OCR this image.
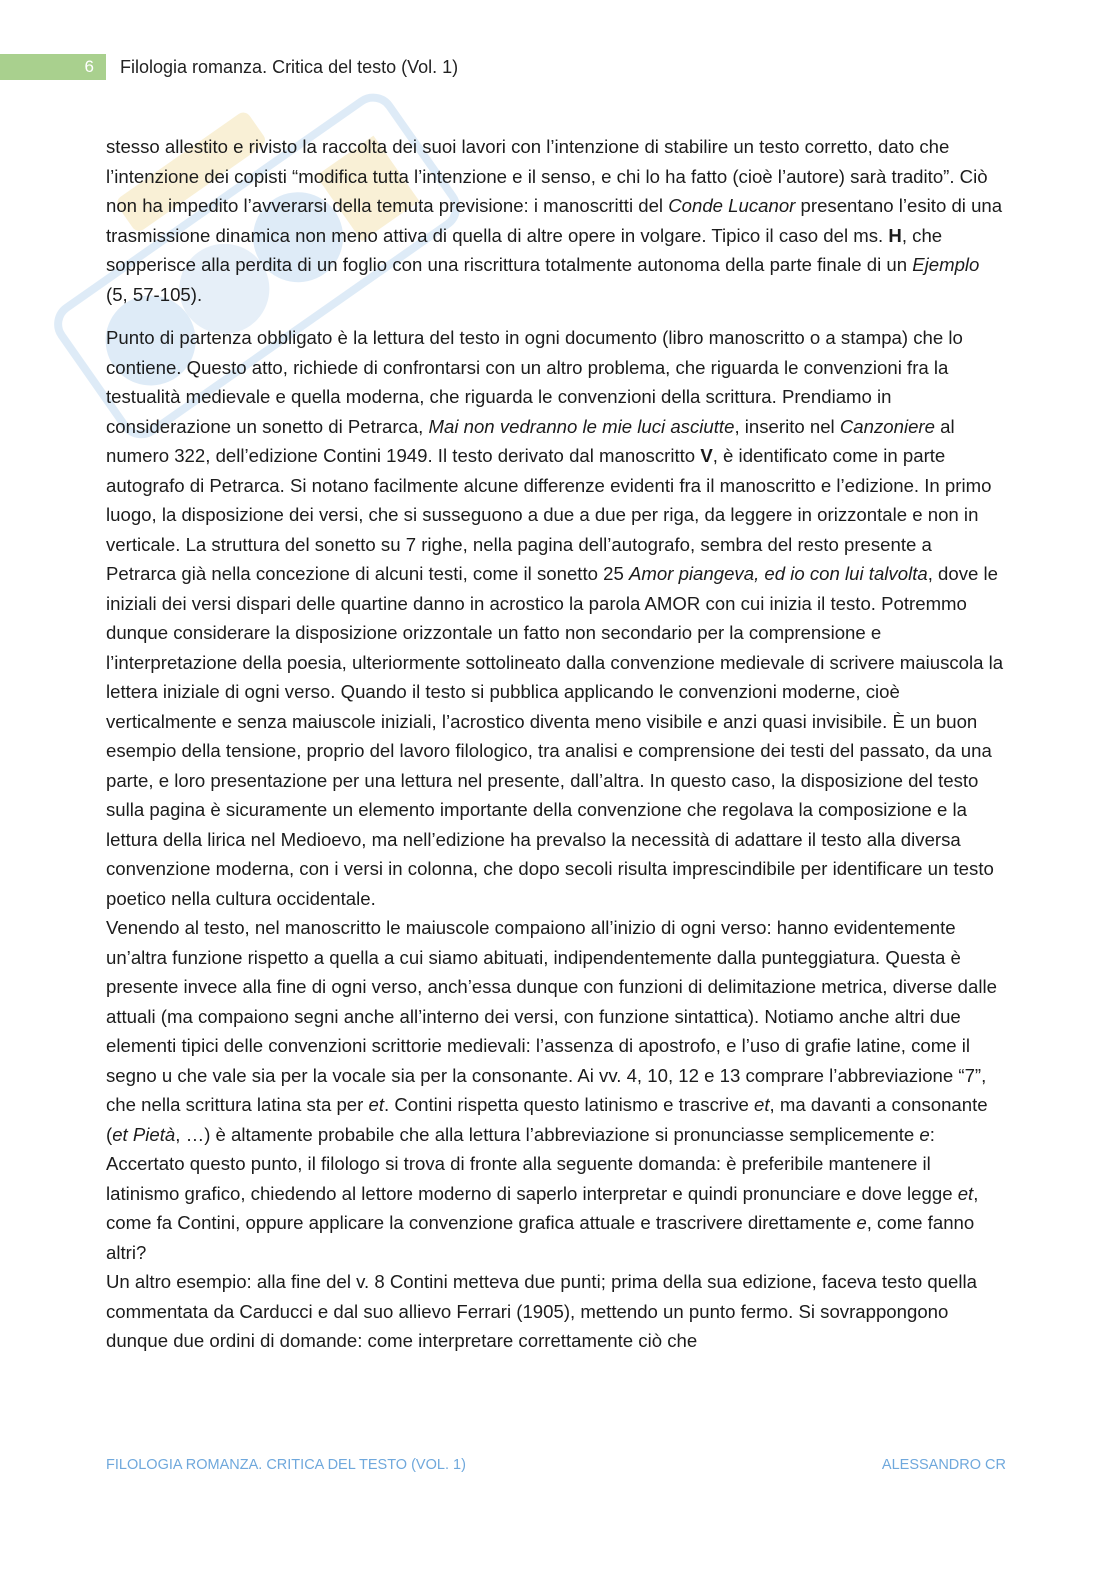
6	Filologia romanza. Critica del testo (Vol. 1)

stesso allestito e rivisto la raccolta dei suoi lavori con l’intenzione di stabilire un testo corretto, dato che l’intenzione dei copisti “modifica tutta l’intenzione e il senso, e chi lo ha fatto (cioè l’autore) sarà tradito”. Ciò non ha impedito l’avverarsi della temuta previsione: i manoscritti del Conde Lucanor presentano l’esito di una trasmissione dinamica non meno attiva di quella di altre opere in volgare. Tipico il caso del ms. H, che sopperisce alla perdita di un foglio con una riscrittura totalmente autonoma della parte finale di un Ejemplo (5, 57-105).

Punto di partenza obbligato è la lettura del testo in ogni documento (libro manoscritto o a stampa) che lo contiene. Questo atto, richiede di confrontarsi con un altro problema, che riguarda le convenzioni fra la testualità medievale e quella moderna, che riguarda le convenzioni della scrittura. Prendiamo in considerazione un sonetto di Petrarca, Mai non vedranno le mie luci asciutte, inserito nel Canzoniere al numero 322, dell’edizione Contini 1949. Il testo derivato dal manoscritto V, è identificato come in parte autografo di Petrarca. Si notano facilmente alcune differenze evidenti fra il manoscritto e l’edizione. In primo luogo, la disposizione dei versi, che si susseguono a due a due per riga, da leggere in orizzontale e non in verticale. La struttura del sonetto su 7 righe, nella pagina dell’autografo, sembra del resto presente a Petrarca già nella concezione di alcuni testi, come il sonetto 25 Amor piangeva, ed io con lui talvolta, dove le iniziali dei versi dispari delle quartine danno in acrostico la parola AMOR con cui inizia il testo. Potremmo dunque considerare la disposizione orizzontale un fatto non secondario per la comprensione e l’interpretazione della poesia, ulteriormente sottolineato dalla convenzione medievale di scrivere maiuscola la lettera iniziale di ogni verso. Quando il testo si pubblica applicando le convenzioni moderne, cioè verticalmente e senza maiuscole iniziali, l’acrostico diventa meno visibile e anzi quasi invisibile. È un buon esempio della tensione, proprio del lavoro filologico, tra analisi e comprensione dei testi del passato, da una parte, e loro presentazione per una lettura nel presente, dall’altra. In questo caso, la disposizione del testo sulla pagina è sicuramente un elemento importante della convenzione che regolava la composizione e la lettura della lirica nel Medioevo, ma nell’edizione ha prevalso la necessità di adattare il testo alla diversa convenzione moderna, con i versi in colonna, che dopo secoli risulta imprescindibile per identificare un testo poetico nella cultura occidentale.

Venendo al testo, nel manoscritto le maiuscole compaiono all’inizio di ogni verso: hanno evidentemente un’altra funzione rispetto a quella a cui siamo abituati, indipendentemente dalla punteggiatura. Questa è presente invece alla fine di ogni verso, anch’essa dunque con funzioni di delimitazione metrica, diverse dalle attuali (ma compaiono segni anche all’interno dei versi, con funzione sintattica). Notiamo anche altri due elementi tipici delle convenzioni scrittorie medievali: l’assenza di apostrofo, e l’uso di grafie latine, come il segno u che vale sia per la vocale sia per la consonante. Ai vv. 4, 10, 12 e 13 comprare l’abbreviazione “7”, che nella scrittura latina sta per et. Contini rispetta questo latinismo e trascrive et, ma davanti a consonante (et Pietà, …) è altamente probabile che alla lettura l’abbreviazione si pronunciasse semplicemente e: Accertato questo punto, il filologo si trova di fronte alla seguente domanda: è preferibile mantenere il latinismo grafico, chiedendo al lettore moderno di saperlo interpretar e quindi pronunciare e dove legge et, come fa Contini, oppure applicare la convenzione grafica attuale e trascrivere direttamente e, come fanno altri?

Un altro esempio: alla fine del v. 8 Contini metteva due punti; prima della sua edizione, faceva testo quella commentata da Carducci e dal suo allievo Ferrari (1905), mettendo un punto fermo. Si sovrappongono dunque due ordini di domande: come interpretare correttamente ciò che

FILOLOGIA ROMANZA. CRITICA DEL TESTO (VOL. 1)	ALESSANDRO CR
